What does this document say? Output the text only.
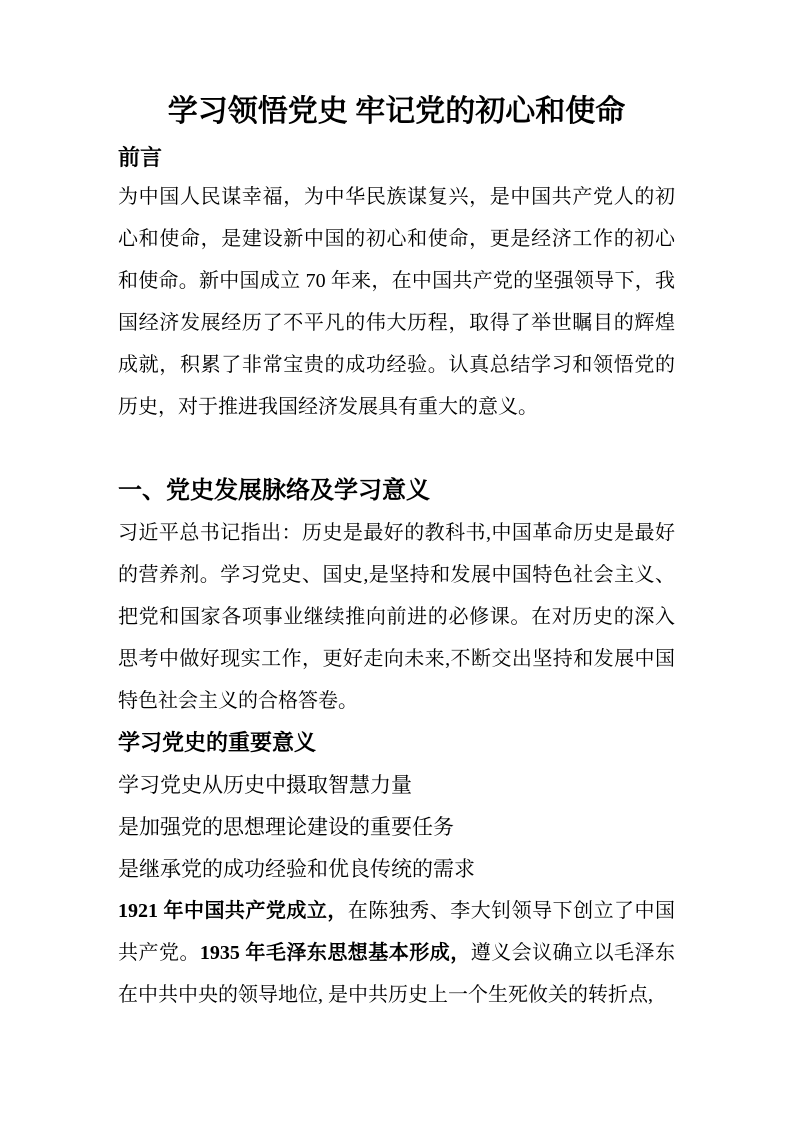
学习领悟党史 牢记党的初心和使命
前言

为中国人民谋幸福，为中华民族谋复兴，是中国共产党人的初心和使命，是建设新中国的初心和使命，更是经济工作的初心和使命。新中国成立 70 年来，在中国共产党的坚强领导下，我国经济发展经历了不平凡的伟大历程，取得了举世瞩目的辉煌成就，积累了非常宝贵的成功经验。认真总结学习和领悟党的历史，对于推进我国经济发展具有重大的意义。

一、党史发展脉络及学习意义

习近平总书记指出：历史是最好的教科书,中国革命历史是最好的营养剂。学习党史、国史,是坚持和发展中国特色社会主义、把党和国家各项事业继续推向前进的必修课。在对历史的深入思考中做好现实工作，更好走向未来,不断交出坚持和发展中国特色社会主义的合格答卷。

学习党史的重要意义

学习党史从历史中摄取智慧力量

是加强党的思想理论建设的重要任务

是继承党的成功经验和优良传统的需求

1921 年中国共产党成立，在陈独秀、李大钊领导下创立了中国共产党。1935 年毛泽东思想基本形成，遵义会议确立以毛泽东在中共中央的领导地位, 是中共历史上一个生死攸关的转折点,
